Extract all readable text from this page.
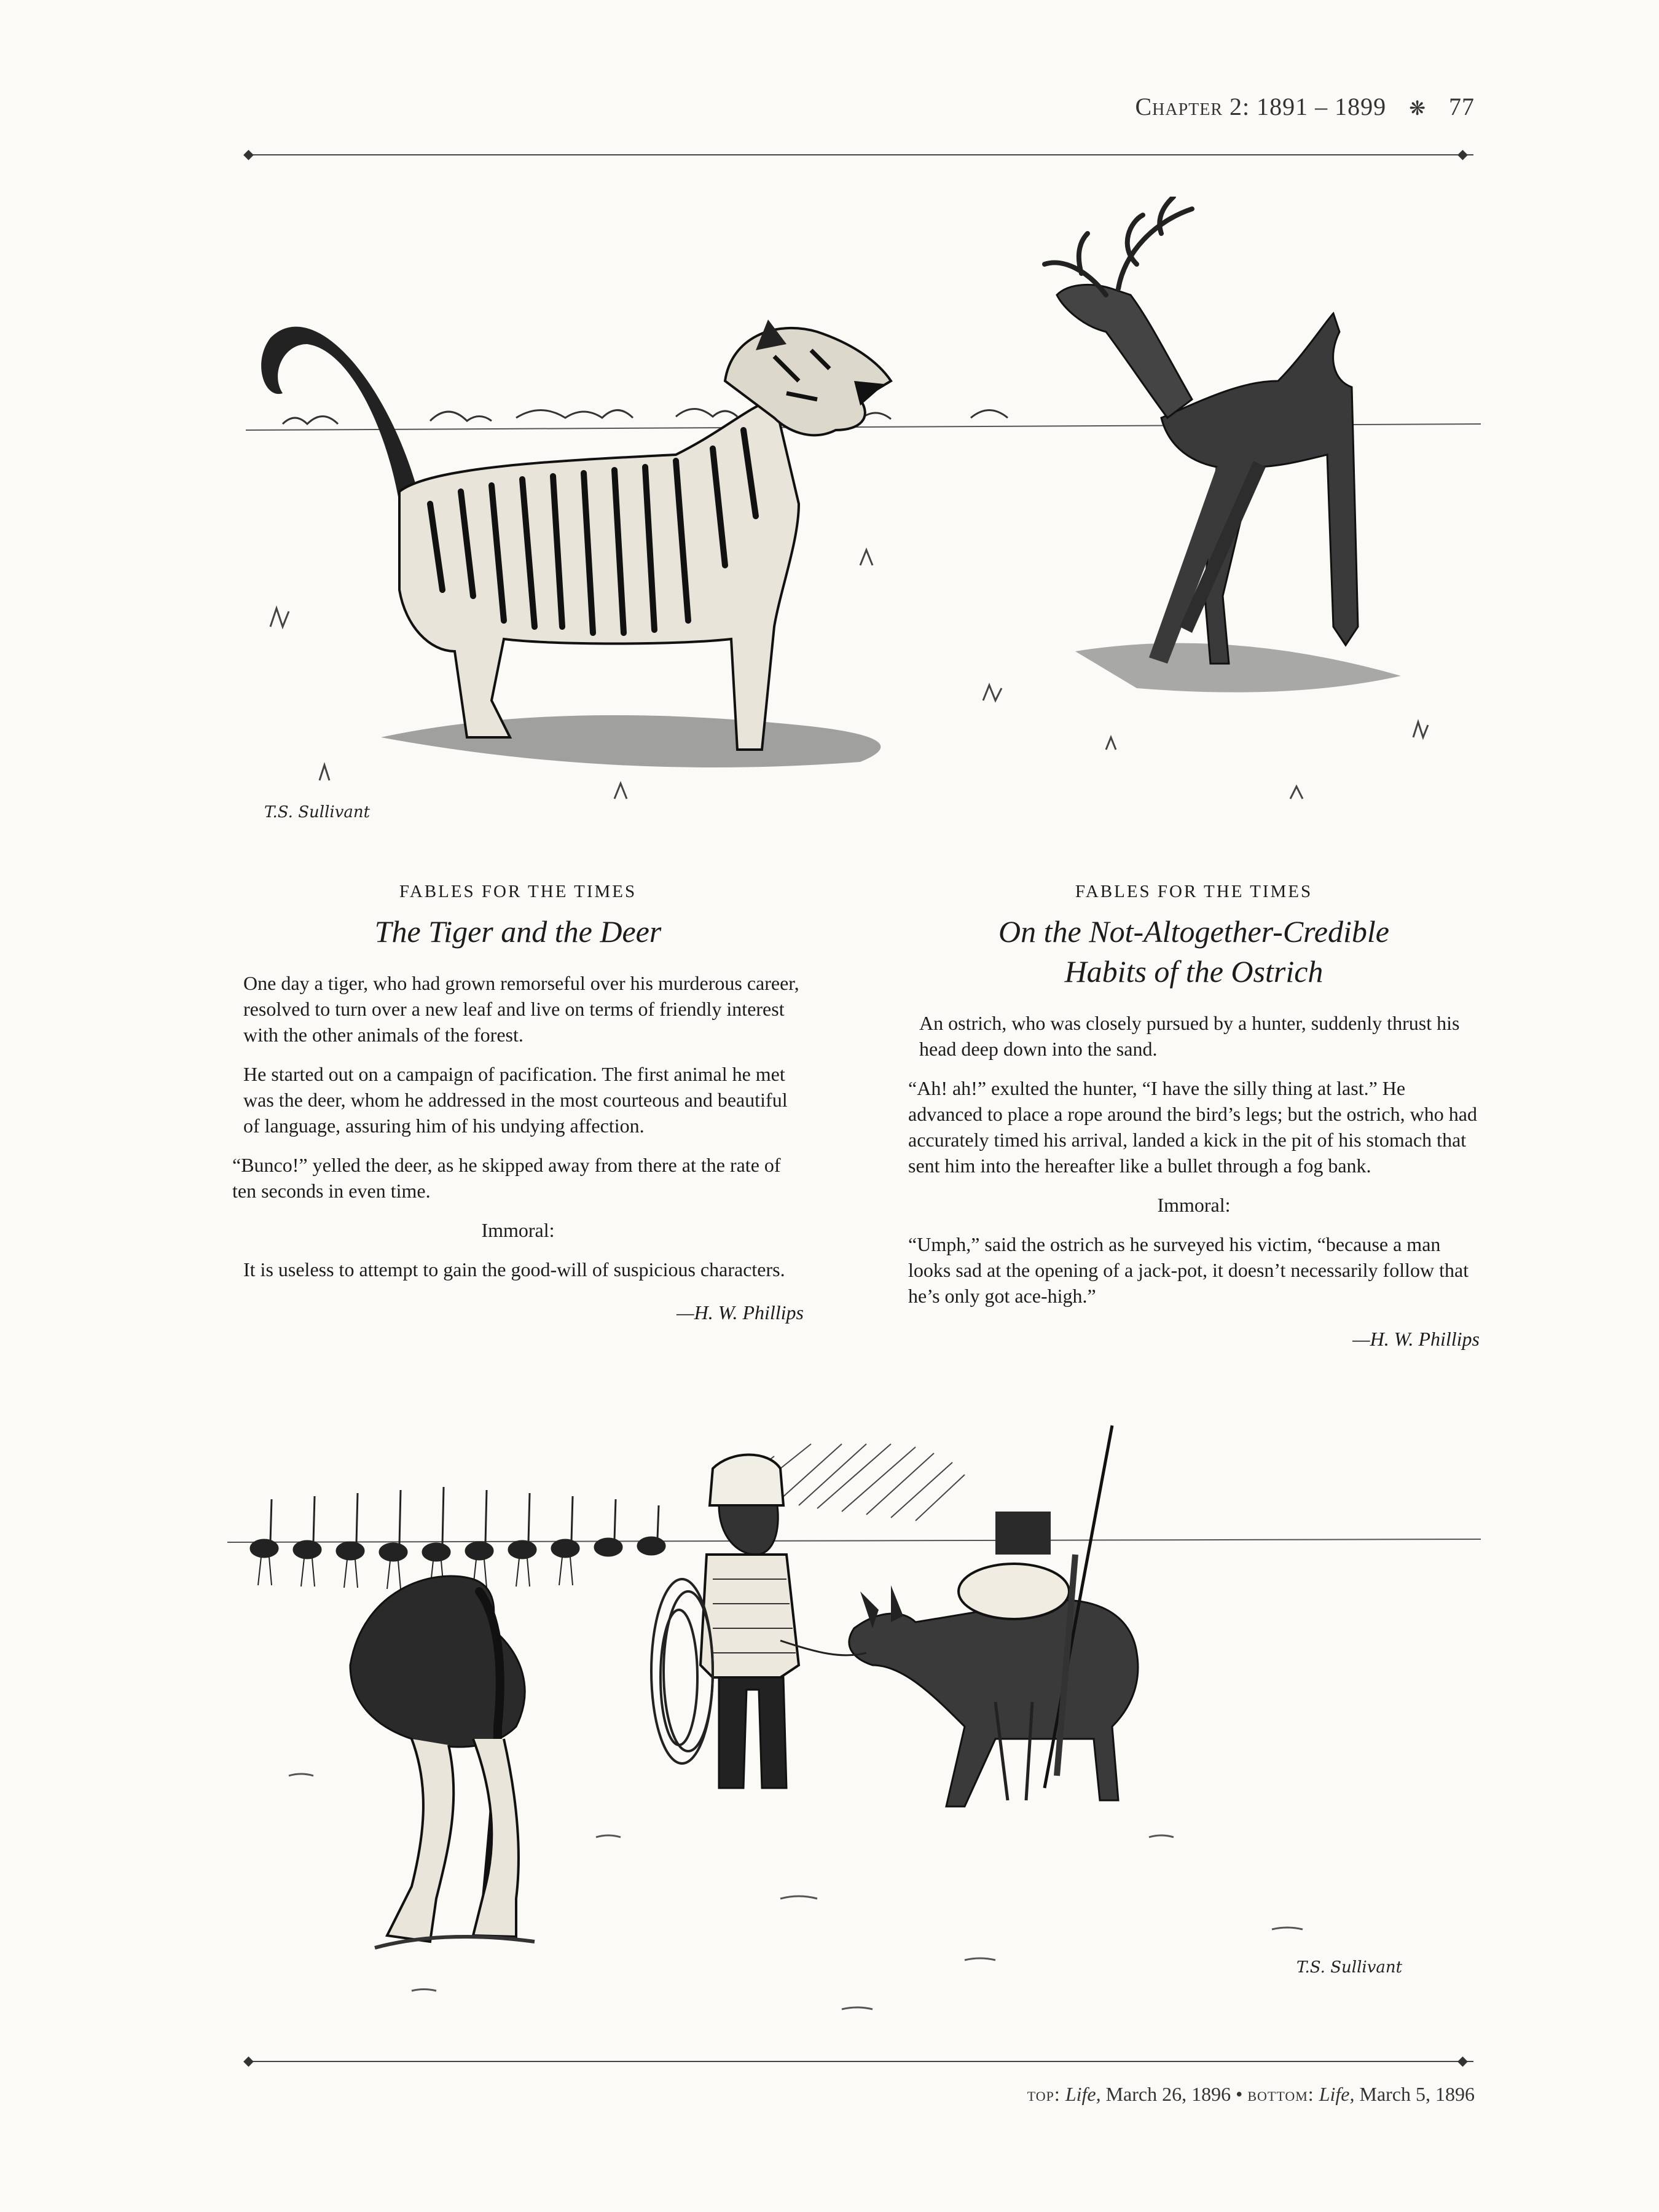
Chapter 2: 1891 – 1899 ❋ 77
◆	◆
T.S. Sullivant
FABLES FOR THE TIMES
The Tiger and the Deer

One day a tiger, who had grown remorseful over his murderous career, resolved to turn over a new leaf and live on terms of friendly interest with the other animals of the forest.

He started out on a campaign of pacification. The first animal he met was the deer, whom he addressed in the most courteous and beautiful of language, assuring him of his undying affection.

“Bunco!” yelled the deer, as he skipped away from there at the rate of ten seconds in even time.

Immoral:

It is useless to attempt to gain the good-will of suspicious characters.

—H. W. Phillips

FABLES FOR THE TIMES
On the Not-Altogether-Credible
Habits of the Ostrich

An ostrich, who was closely pursued by a hunter, suddenly thrust his head deep down into the sand.

“Ah! ah!” exulted the hunter, “I have the silly thing at last.” He advanced to place a rope around the bird’s legs; but the ostrich, who had accurately timed his arrival, landed a kick in the pit of his stomach that sent him into the hereafter like a bullet through a fog bank.

Immoral:

“Umph,” said the ostrich as he surveyed his victim, “because a man looks sad at the opening of a jack-pot, it doesn’t necessarily follow that he’s only got ace-high.”

—H. W. Phillips

T.S. Sullivant
◆	◆
top: Life, March 26, 1896 • bottom: Life, March 5, 1896
